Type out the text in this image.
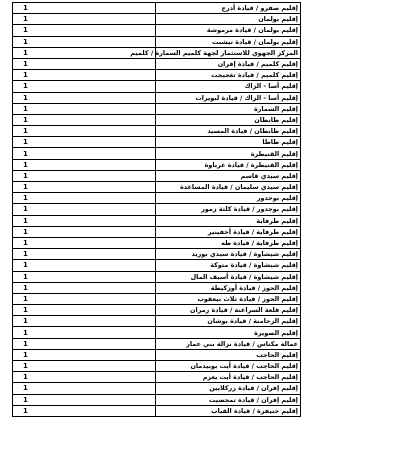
1	إقليم صفرو / قيادة أدرج
1	إقليم بولمان
1	إقليم بولمان / قيادة مرموشة
1	إقليم بولمان / قيادة تيشبت
1	المركز الجهوي للاستثمار لجهة كلميم السمارة / كلميم
1	إقليم كلميم / قيادة إفران
1	إقليم كلميم / قيادة تغجيجت
1	إقليم أسا - الزاك
1	إقليم أسا - الزاك / قيادة لبويرات
1	إقليم السمارة
1	إقليم طانطان
1	إقليم طانطان / قيادة المسيد
1	إقليم طاطا
1	إقليم القنيطرة
1	إقليم القنيطرة / قيادة عرباوة
1	إقليم سيدي قاسم
1	إقليم سيدي سليمان / قيادة المساعدة
1	إقليم بوجدور
1	إقليم بوجدور / قيادة كلثة زمور
1	إقليم طرفاية
1	إقليم طرفاية / قيادة أخفينير
1	إقليم طرفاية / قيادة طه
1	إقليم شيشاوة / قيادة سيدي بوزيد
1	إقليم شيشاوة / قيادة متوكة
1	إقليم شيشاوة / قيادة أسيف المال
1	إقليم الحوز / قيادة أوزكيطة
1	إقليم الحوز / قيادة ثلاث نيعقوب
1	إقليم قلعة السراغنة / قيادة زمران
1	إقليم الرحامنة / قيادة بوشان
1	إقليم الصويرة
1	عمالة مكناس / قيادة نزالة بني عمار
1	إقليم الحاجب
1	إقليم الحاجب / قيادة أيت بوبيدمان
1	إقليم الحاجب / قيادة أيت يعزم
1	إقليم إفران / قيادة زركلايين
1	إقليم إفران / قيادة تمحضيت
1	إقليم خنيفرة / قيادة القباب
